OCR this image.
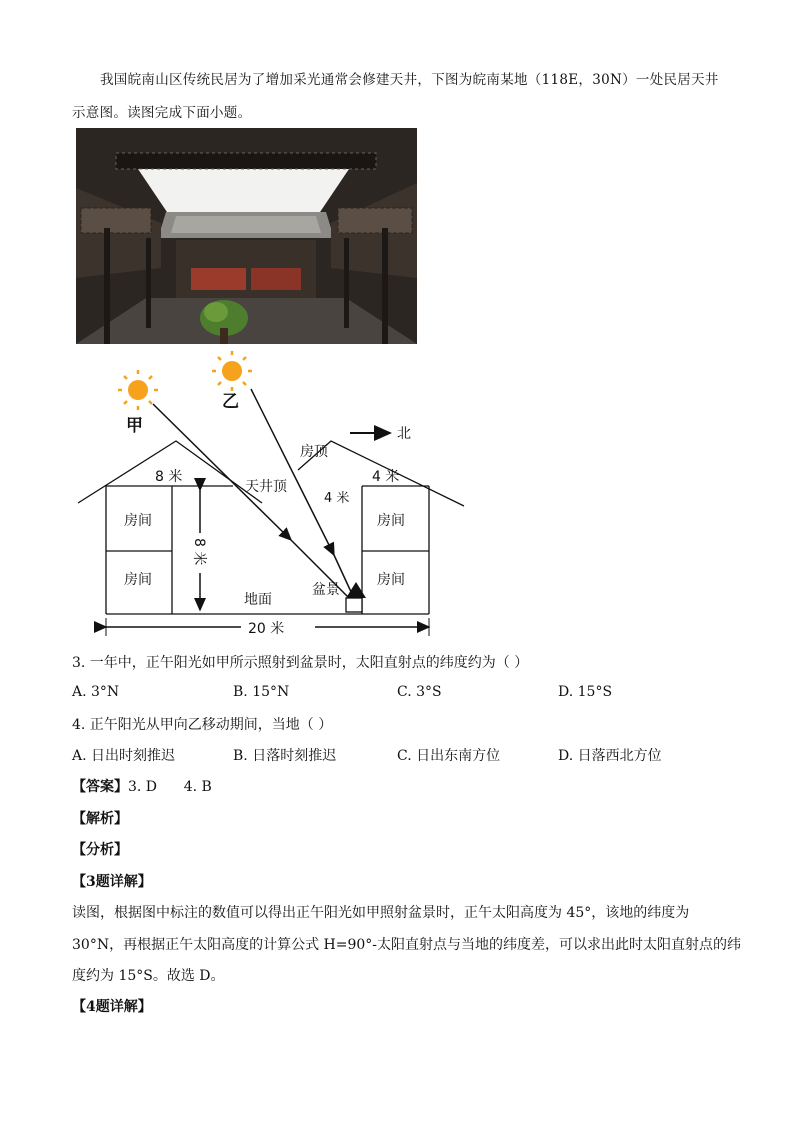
我国皖南山区传统民居为了增加采光通常会修建天井，下图为皖南某地（118E，30N）一处民居天井
示意图。读图完成下面小题。
甲
乙
北
房顶
8 米	4 米
天井顶
4 米
房间
房间
房间
房间
8 米
地面
盆景
20 米
3. 一年中，正午阳光如甲所示照射到盆景时，太阳直射点的纬度约为（ ）
A. 3°N	B. 15°N	C. 3°S	D. 15°S
4. 正午阳光从甲向乙移动期间，当地（ ）
A. 日出时刻推迟	B. 日落时刻推迟	C. 日出东南方位	D. 日落西北方位
【答案】3. D      4. B
【解析】
【分析】
【3题详解】
读图，根据图中标注的数值可以得出正午阳光如甲照射盆景时，正午太阳高度为 45°，该地的纬度为
30°N，再根据正午太阳高度的计算公式 H=90°-太阳直射点与当地的纬度差，可以求出此时太阳直射点的纬
度约为 15°S。故选 D。
【4题详解】
